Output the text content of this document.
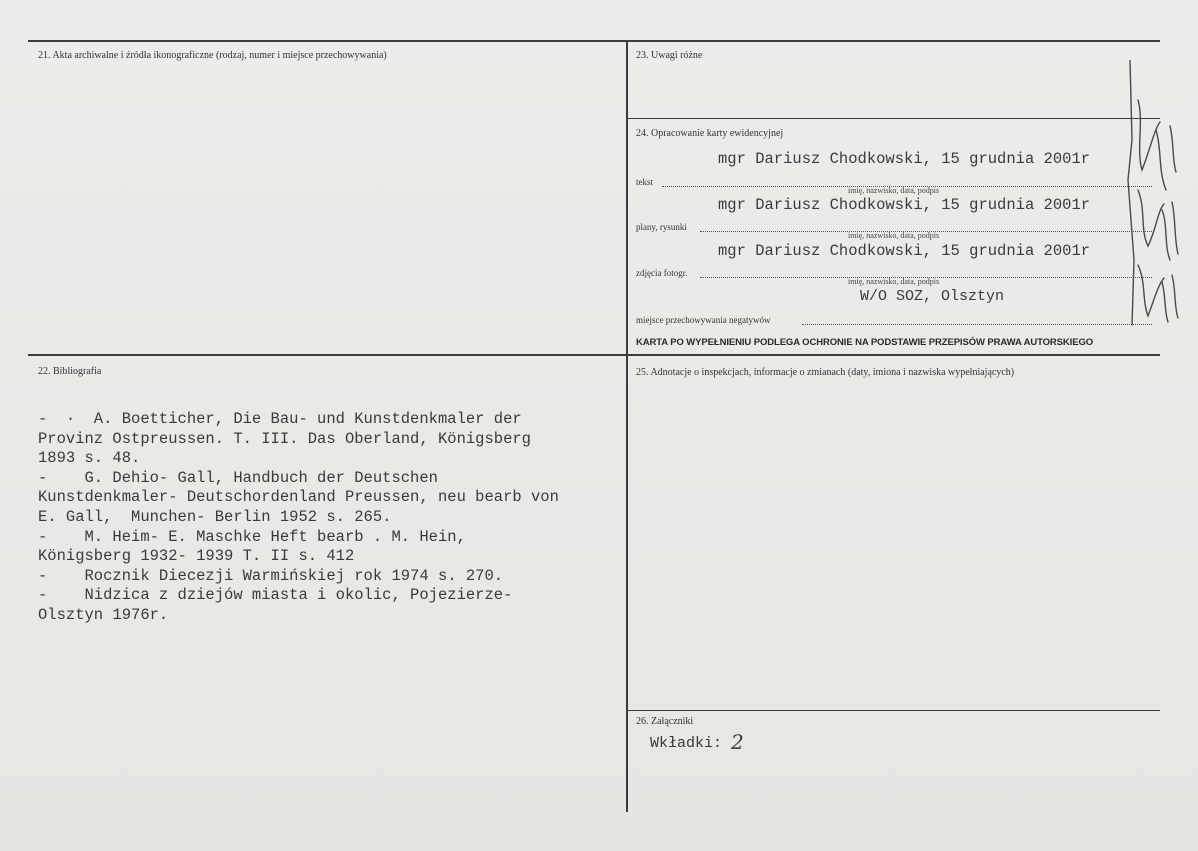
21. Akta archiwalne i źródła ikonograficzne (rodzaj, numer i miejsce przechowywania)	23. Uwagi różne
24. Opracowanie karty ewidencyjnej
mgr Dariusz Chodkowski, 15 grudnia 2001r
tekst
imię, nazwisko, data, podpis
mgr Dariusz Chodkowski, 15 grudnia 2001r
plany, rysunki
imię, nazwisko, data, podpis
mgr Dariusz Chodkowski, 15 grudnia 2001r
zdjęcia fotogr.
imię, nazwisko, data, podpis
W/O SOZ, Olsztyn
miejsce przechowywania negatywów
KARTA PO WYPEŁNIENIU PODLEGA OCHRONIE NA PODSTAWIE PRZEPISÓW PRAWA AUTORSKIEGO
22. Bibliografia
-  ·  A. Boetticher, Die Bau- und Kunstdenkmaler der
Provinz Ostpreussen. T. III. Das Oberland, Königsberg
1893 s. 48.
-    G. Dehio- Gall, Handbuch der Deutschen
Kunstdenkmaler- Deutschordenland Preussen, neu bearb von
E. Gall,  Munchen- Berlin 1952 s. 265.
-    M. Heim- E. Maschke Heft bearb . M. Hein,
Königsberg 1932- 1939 T. II s. 412
-    Rocznik Diecezji Warmińskiej rok 1974 s. 270.
-    Nidzica z dziejów miasta i okolic, Pojezierze-
Olsztyn 1976r.
25. Adnotacje o inspekcjach, informacje o zmianach (daty, imiona i nazwiska wypełniających)
26. Załączniki
Wkładki: 2
